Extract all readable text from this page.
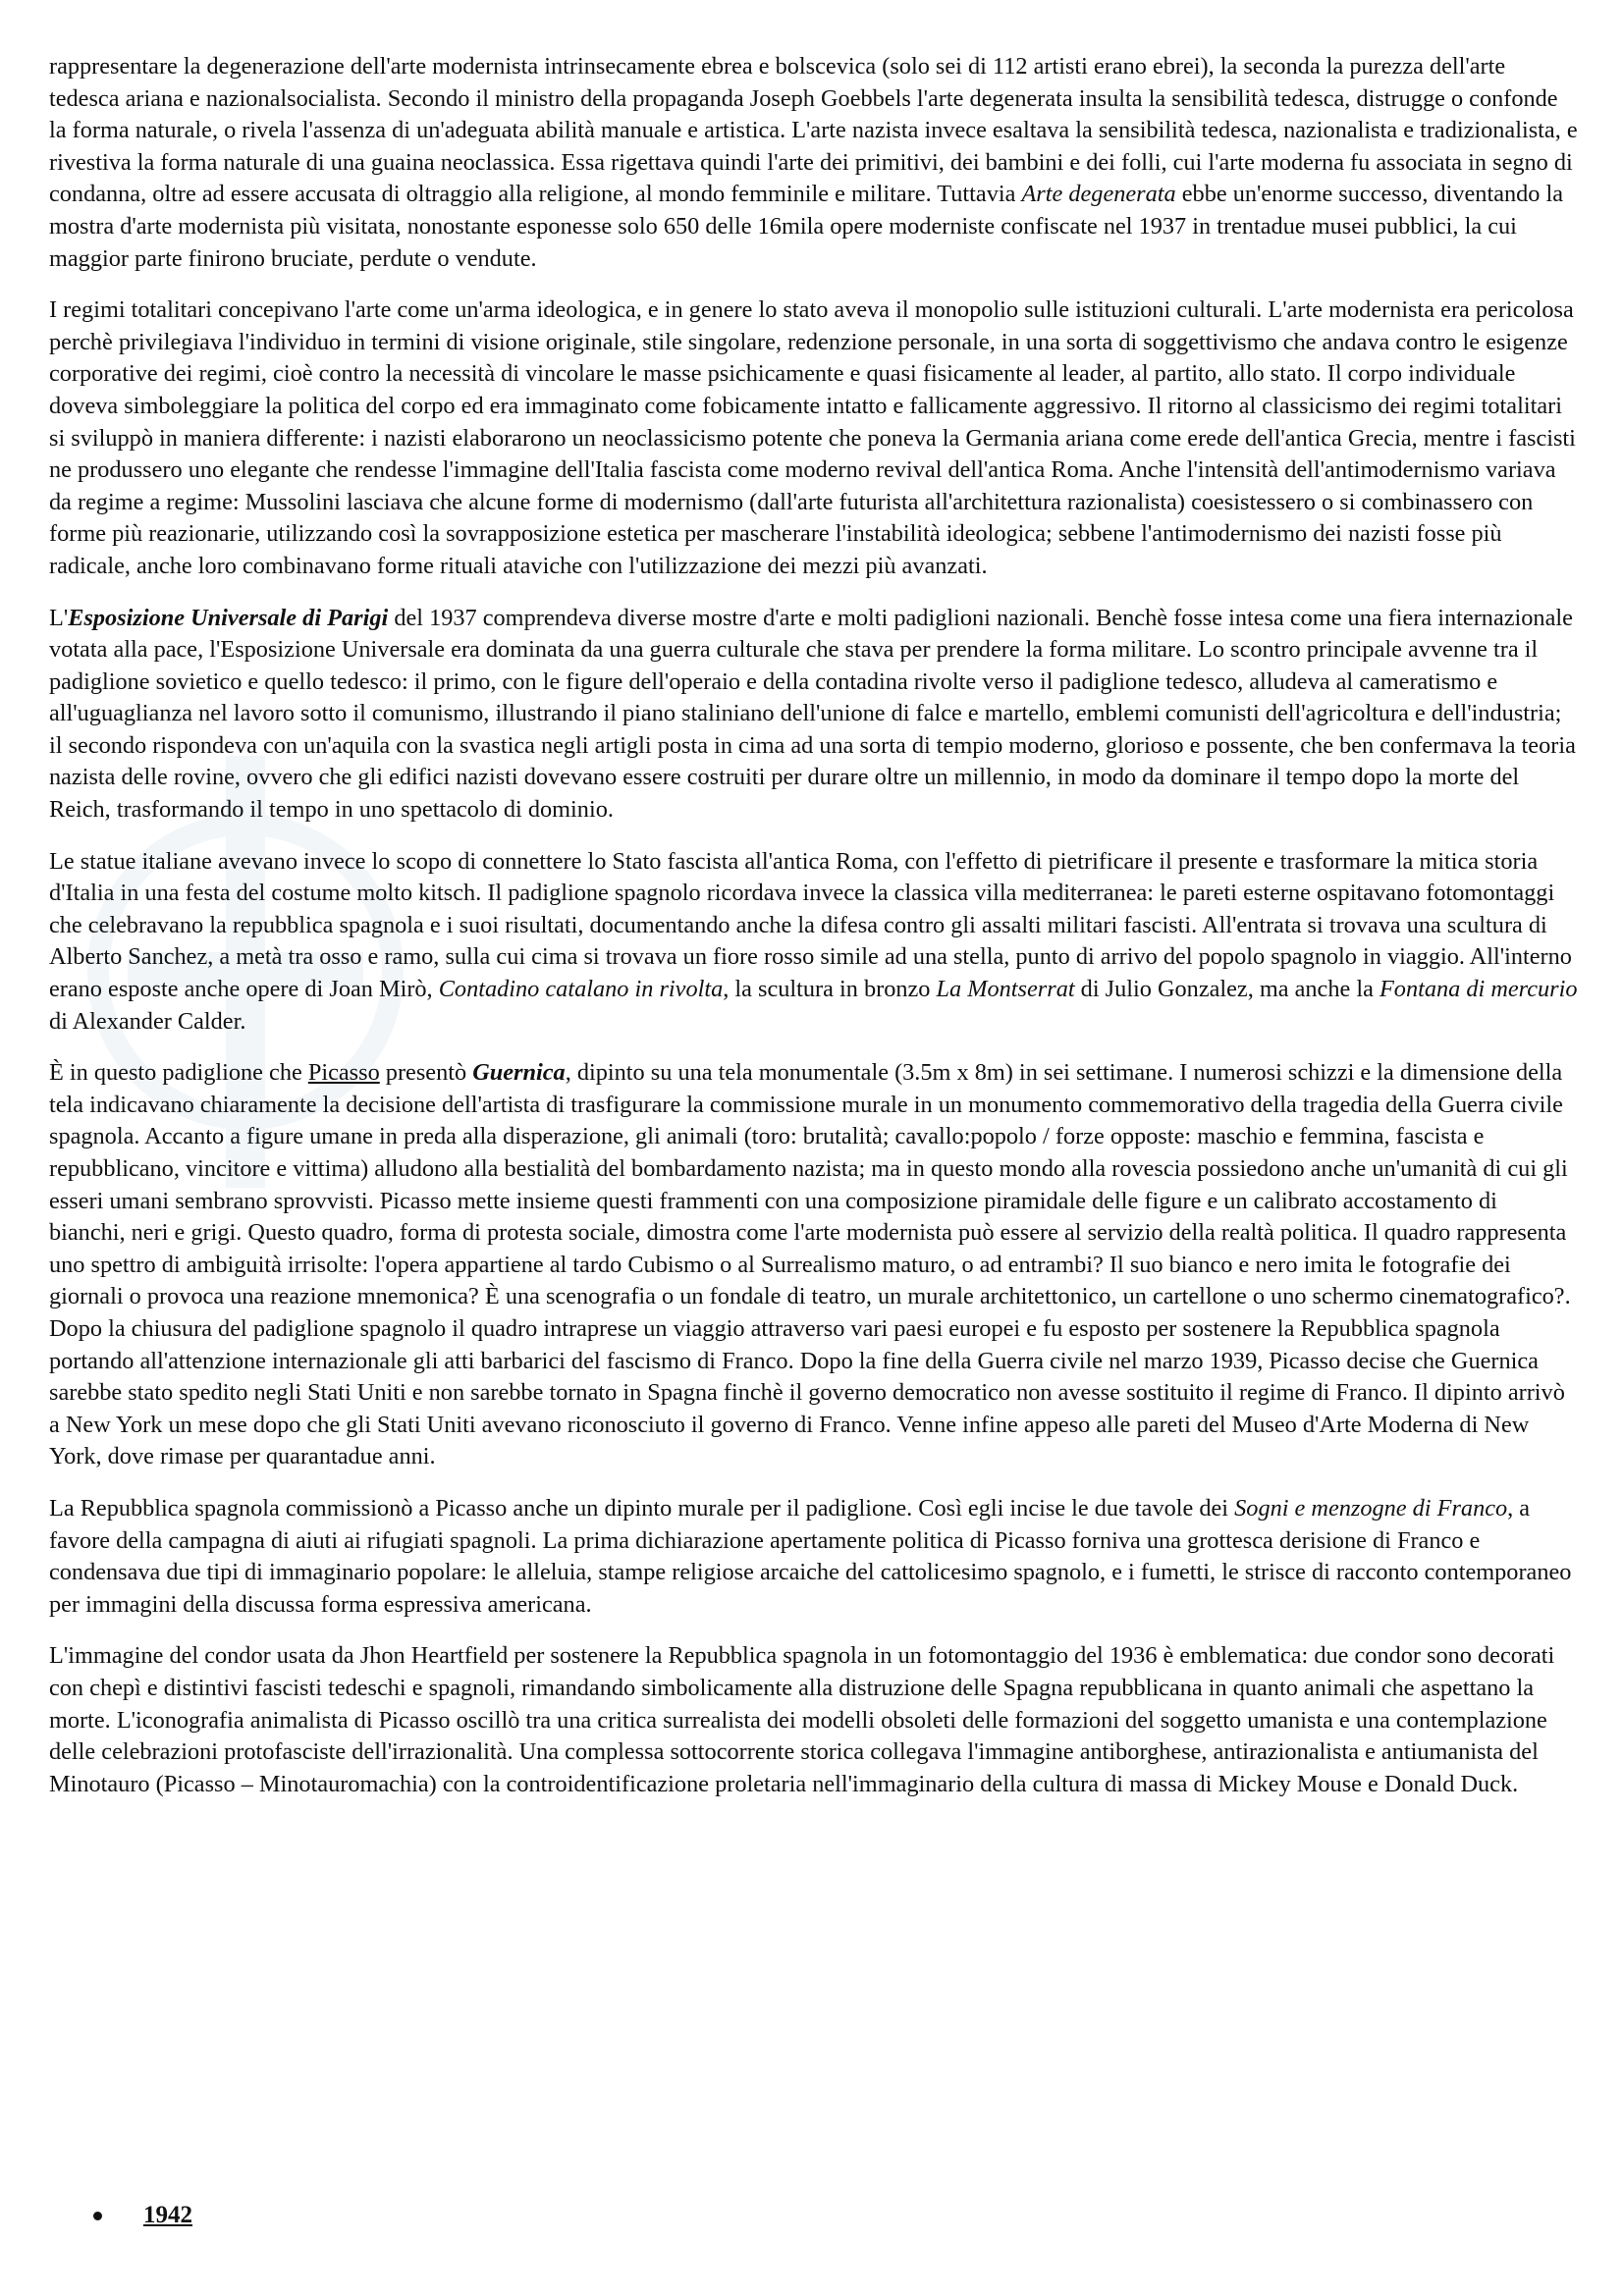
rappresentare la degenerazione dell'arte modernista intrinsecamente ebrea e bolscevica (solo sei di 112 artisti erano ebrei), la seconda la purezza dell'arte tedesca ariana e nazionalsocialista. Secondo il ministro della propaganda Joseph Goebbels l'arte degenerata insulta la sensibilità tedesca, distrugge o confonde la forma naturale, o rivela l'assenza di un'adeguata abilità manuale e artistica. L'arte nazista invece esaltava la sensibilità tedesca, nazionalista e tradizionalista, e rivestiva la forma naturale di una guaina neoclassica. Essa rigettava quindi l'arte dei primitivi, dei bambini e dei folli, cui l'arte moderna fu associata in segno di condanna, oltre ad essere accusata di oltraggio alla religione, al mondo femminile e militare. Tuttavia Arte degenerata ebbe un'enorme successo, diventando la mostra d'arte modernista più visitata, nonostante esponesse solo 650 delle 16mila opere moderniste confiscate nel 1937 in trentadue musei pubblici, la cui maggior parte finirono bruciate, perdute o vendute.

I regimi totalitari concepivano l'arte come un'arma ideologica, e in genere lo stato aveva il monopolio sulle istituzioni culturali. L'arte modernista era pericolosa perchè privilegiava l'individuo in termini di visione originale, stile singolare, redenzione personale, in una sorta di soggettivismo che andava contro le esigenze corporative dei regimi, cioè contro la necessità di vincolare le masse psichicamente e quasi fisicamente al leader, al partito, allo stato. Il corpo individuale doveva simboleggiare la politica del corpo ed era immaginato come fobicamente intatto e fallicamente aggressivo. Il ritorno al classicismo dei regimi totalitari si sviluppò in maniera differente: i nazisti elaborarono un neoclassicismo potente che poneva la Germania ariana come erede dell'antica Grecia, mentre i fascisti ne produssero uno elegante che rendesse l'immagine dell'Italia fascista come moderno revival dell'antica Roma. Anche l'intensità dell'antimodernismo variava da regime a regime: Mussolini lasciava che alcune forme di modernismo (dall'arte futurista all'architettura razionalista) coesistessero o si combinassero con forme più reazionarie, utilizzando così la sovrapposizione estetica per mascherare l'instabilità ideologica; sebbene l'antimodernismo dei nazisti fosse più radicale, anche loro combinavano forme rituali ataviche con l'utilizzazione dei mezzi più avanzati.

L'Esposizione Universale di Parigi del 1937 comprendeva diverse mostre d'arte e molti padiglioni nazionali. Benchè fosse intesa come una fiera internazionale votata alla pace, l'Esposizione Universale era dominata da una guerra culturale che stava per prendere la forma militare. Lo scontro principale avvenne tra il padiglione sovietico e quello tedesco: il primo, con le figure dell'operaio e della contadina rivolte verso il padiglione tedesco, alludeva al cameratismo e all'uguaglianza nel lavoro sotto il comunismo, illustrando il piano staliniano dell'unione di falce e martello, emblemi comunisti dell'agricoltura e dell'industria; il secondo rispondeva con un'aquila con la svastica negli artigli posta in cima ad una sorta di tempio moderno, glorioso e possente, che ben confermava la teoria nazista delle rovine, ovvero che gli edifici nazisti dovevano essere costruiti per durare oltre un millennio, in modo da dominare il tempo dopo la morte del Reich, trasformando il tempo in uno spettacolo di dominio.

Le statue italiane avevano invece lo scopo di connettere lo Stato fascista all'antica Roma, con l'effetto di pietrificare il presente e trasformare la mitica storia d'Italia in una festa del costume molto kitsch. Il padiglione spagnolo ricordava invece la classica villa mediterranea: le pareti esterne ospitavano fotomontaggi che celebravano la repubblica spagnola e i suoi risultati, documentando anche la difesa contro gli assalti militari fascisti. All'entrata si trovava una scultura di Alberto Sanchez, a metà tra osso e ramo, sulla cui cima si trovava un fiore rosso simile ad una stella, punto di arrivo del popolo spagnolo in viaggio. All'interno erano esposte anche opere di Joan Mirò, Contadino catalano in rivolta, la scultura in bronzo La Montserrat di Julio Gonzalez, ma anche la Fontana di mercurio di Alexander Calder.

È in questo padiglione che Picasso presentò Guernica, dipinto su una tela monumentale (3.5m x 8m) in sei settimane. I numerosi schizzi e la dimensione della tela indicavano chiaramente la decisione dell'artista di trasfigurare la commissione murale in un monumento commemorativo della tragedia della Guerra civile spagnola. Accanto a figure umane in preda alla disperazione, gli animali (toro: brutalità; cavallo:popolo / forze opposte: maschio e femmina, fascista e repubblicano, vincitore e vittima) alludono alla bestialità del bombardamento nazista; ma in questo mondo alla rovescia possiedono anche un'umanità di cui gli esseri umani sembrano sprovvisti. Picasso mette insieme questi frammenti con una composizione piramidale delle figure e un calibrato accostamento di bianchi, neri e grigi. Questo quadro, forma di protesta sociale, dimostra come l'arte modernista può essere al servizio della realtà politica. Il quadro rappresenta uno spettro di ambiguità irrisolte: l'opera appartiene al tardo Cubismo o al Surrealismo maturo, o ad entrambi? Il suo bianco e nero imita le fotografie dei giornali o provoca una reazione mnemonica? È una scenografia o un fondale di teatro, un murale architettonico, un cartellone o uno schermo cinematografico?. Dopo la chiusura del padiglione spagnolo il quadro intraprese un viaggio attraverso vari paesi europei e fu esposto per sostenere la Repubblica spagnola portando all'attenzione internazionale gli atti barbarici del fascismo di Franco. Dopo la fine della Guerra civile nel marzo 1939, Picasso decise che Guernica sarebbe stato spedito negli Stati Uniti e non sarebbe tornato in Spagna finchè il governo democratico non avesse sostituito il regime di Franco. Il dipinto arrivò a New York un mese dopo che gli Stati Uniti avevano riconosciuto il governo di Franco. Venne infine appeso alle pareti del Museo d'Arte Moderna di New York, dove rimase per quarantadue anni.

La Repubblica spagnola commissionò a Picasso anche un dipinto murale per il padiglione. Così egli incise le due tavole dei Sogni e menzogne di Franco, a favore della campagna di aiuti ai rifugiati spagnoli. La prima dichiarazione apertamente politica di Picasso forniva una grottesca derisione di Franco e condensava due tipi di immaginario popolare: le alleluia, stampe religiose arcaiche del cattolicesimo spagnolo, e i fumetti, le strisce di racconto contemporaneo per immagini della discussa forma espressiva americana.

L'immagine del condor usata da Jhon Heartfield per sostenere la Repubblica spagnola in un fotomontaggio del 1936 è emblematica: due condor sono decorati con chepì e distintivi fascisti tedeschi e spagnoli, rimandando simbolicamente alla distruzione delle Spagna repubblicana in quanto animali che aspettano la morte. L'iconografia animalista di Picasso oscillò tra una critica surrealista dei modelli obsoleti delle formazioni del soggetto umanista e una contemplazione delle celebrazioni protofasciste dell'irrazionalità. Una complessa sottocorrente storica collegava l'immagine antiborghese, antirazionalista e antiumanista del Minotauro (Picasso – Minotauromachia) con la controidentificazione proletaria nell'immaginario della cultura di massa di Mickey Mouse e Donald Duck.

1942
